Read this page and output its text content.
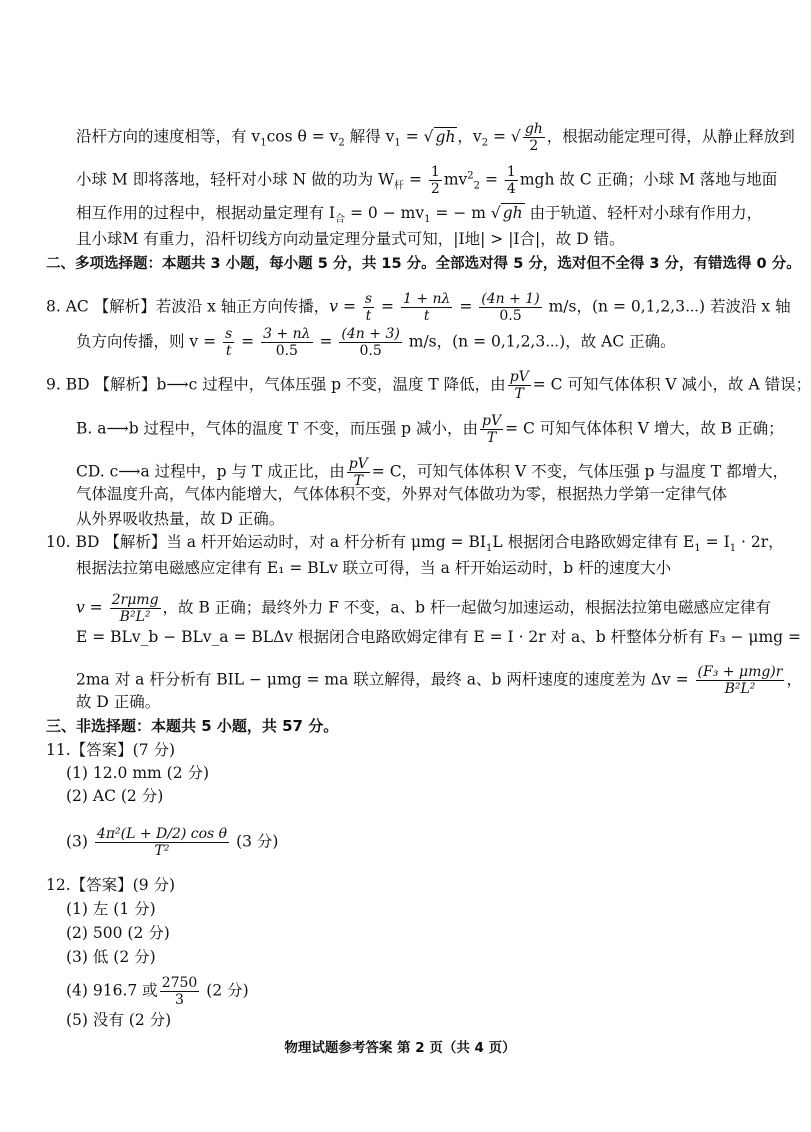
沿杆方向的速度相等，有 $v_1\cos$ $\theta = v_2$ 解得 $v_1$ = √ gh ，$v_2$ = √ $\frac{gh}{2}$ ，根据动能定理可得，从静止释放到
小球 M 即将落地，轻杆对小球 N 做的功为 $W_杆 = \frac{1}{2} mv^2_2 = \frac{1}{4}$ mgh 故 C 正确；小球 M 落地与地面
相互作用的过程中，根据动量定理有 $I_合 = 0 - mv_1$ = − m √ gh 由于轨道、轻杆对小球有作用力，
且小球M 有重力，沿杆切线方向动量定理分量式可知，|I地| > |I合|，故 D 错。
二、多项选择题：本题共 3 小题，每小题 5 分，共 15 分。全部选对得 5 分，选对但不全得 3 分，有错选得 0 分。
8. AC 【解析】若波沿 x 轴正方向传播，$v = \frac{s}{t} = \frac{1 + n\lambda}{t} = \frac{(4n + 1)}{0.5} m/s$，(n = 0,1,2,3⋯) 若波沿 x 轴
负方向传播，则 $v = \frac{s}{t} = \frac{3 + n\lambda}{0.5} = \frac{(4n + 3)}{0.5} m/s$，(n = 0,1,2,3⋯)，故 AC 正确。
9. BD 【解析】b⟶c 过程中，气体压强 p 不变，温度 T 降低，由 $\frac{pV}{T} = C$ 可知气体体积 V 减小，故 A 错误；
B. a⟶b 过程中，气体的温度 T 不变，而压强 p 减小，由 $\frac{pV}{T} = C$ 可知气体体积 V 增大，故 B 正确；
CD. c⟶a 过程中，p 与 T 成正比，由 $\frac{pV}{T} = C$，可知气体体积 V 不变，气体压强 p 与温度 T 都增大，
气体温度升高，气体内能增大，气体体积不变，外界对气体做功为零，根据热力学第一定律气体
从外界吸收热量，故 D 正确。
10. BD 【解析】当 a 杆开始运动时，对 a 杆分析有 $\mu mg = BI_1L$ 根据闭合电路欧姆定律有 $E_1 = I_1 \cdot 2r$，
根据法拉第电磁感应定律有 E₁ = BLv 联立可得，当 a 杆开始运动时，b 杆的速度大小
$v = \frac{\text{2rμmg}}{\text{B²L²}}$ ，故 B 正确；最终外力 F 不变，a、b 杆一起做匀加速运动，根据法拉第电磁感应定律有
E = BLv_b − BLv_a = BLΔv 根据闭合电路欧姆定律有 E = I · 2r 对 a、b 杆整体分析有 F₃ − μmg =
2ma 对 a 杆分析有 BIL − μmg = ma 联立解得，最终 a、b 两杆速度的速度差为 $\Delta v = \frac{\text{(F₃ + μmg)r}}{\text{B²L²}}$ ，
故 D 正确。
三、非选择题：本题共 5 小题，共 57 分。
11.【答案】(7 分)
(1) 12.0 mm (2 分)
(2) AC (2 分)
$(3) \frac{\text{4π²(L + D/2) cos θ}}{\text{T²}} (3$ 分)
12.【答案】(9 分)
(1) 左 (1 分)
(2) 500 (2 分)
(3) 低 (2 分)
(4) 916.7 或 $\frac{2750}{3} (2$ 分)
(5) 没有 (2 分)
物理试题参考答案 第 2 页（共 4 页）
